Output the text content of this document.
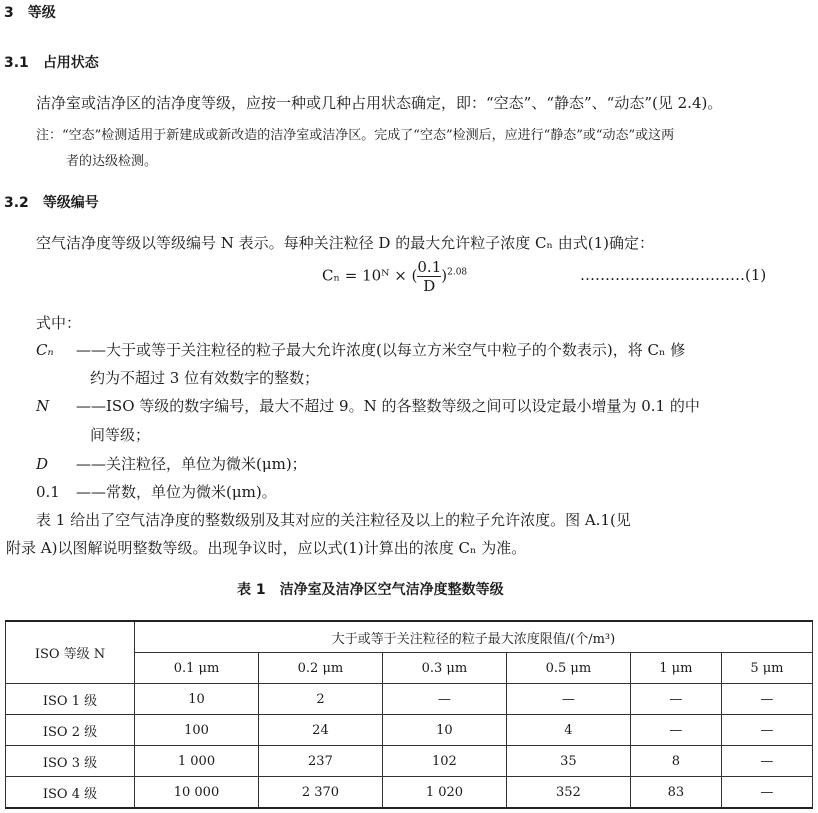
3　 等级
3.1　 占用状态
洁净室或洁净区的洁净度等级，应按一种或几种占用状态确定，即：“空态”、“静态”、“动态”(见 2.4)。
注：“空态”检测适用于新建成或新改造的洁净室或洁净区。完成了“空态”检测后，应进行“静态”或“动态”或这两
者的达级检测。
3.2　 等级编号
空气洁净度等级以等级编号 N 表示。每种关注粒径 D 的最大允许粒子浓度 Cₙ 由式(1)确定：
Cₙ = 10ᴺ × ( $\frac{0.1}{D} )^{2.08}$	……………………………(1)
式中：
Cₙ ——大于或等于关注粒径的粒子最大允许浓度(以每立方米空气中粒子的个数表示)，将 Cₙ 修
约为不超过 3 位有效数字的整数；
N ——ISO 等级的数字编号，最大不超过 9。N 的各整数等级之间可以设定最小增量为 0.1 的中
间等级；
D ——关注粒径，单位为微米(μm)；
0.1 ——常数，单位为微米(μm)。
表 1 给出了空气洁净度的整数级别及其对应的关注粒径及以上的粒子允许浓度。图 A.1(见
附录 A)以图解说明整数等级。出现争议时，应以式(1)计算出的浓度 Cₙ 为准。
表 1　洁净室及洁净区空气洁净度整数等级
ISO 等级 N	大于或等于关注粒径的粒子最大浓度限值/(个/m³)					
	0.1 μm	0.2 μm	0.3 μm	0.5 μm	1 μm	5 μm
ISO 1 级	10	2	—	—	—	—
ISO 2 级	100	24	10	4	—	—
ISO 3 级	1 000	237	102	35	8	—
ISO 4 级	10 000	2 370	1 020	352	83	—
